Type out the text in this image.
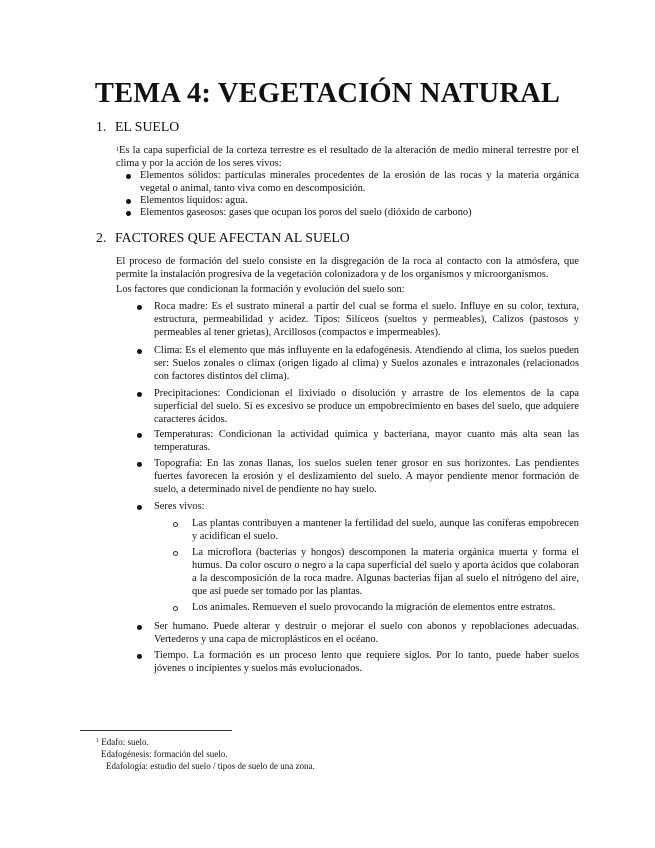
TEMA 4: VEGETACIÓN NATURAL
1. EL SUELO

$^1$Es la capa superficial de la corteza terrestre es el resultado de la alteración de medio mineral terrestre por el clima y por la acción de los seres vivos:

Elementos sólidos: partículas minerales procedentes de la erosión de las rocas y la materia orgánica vegetal o animal, tanto viva como en descomposición.

Elementos líquidos: agua.

Elementos gaseosos: gases que ocupan los poros del suelo (dióxido de carbono)

2. FACTORES QUE AFECTAN AL SUELO

El proceso de formación del suelo consiste en la disgregación de la roca al contacto con la atmósfera, que permite la instalación progresiva de la vegetación colonizadora y de los organismos y microorganismos.

Los factores que condicionan la formación y evolución del suelo son:

Roca madre: Es el sustrato mineral a partir del cual se forma el suelo. Influye en su color, textura, estructura, permeabilidad y acidez. Tipos: Silíceos (sueltos y permeables), Calizos (pastosos y permeables al tener grietas), Arcillosos (compactos e impermeables).

Clima: Es el elemento que más influyente en la edafogénesis. Atendiendo al clima, los suelos pueden ser: Suelos zonales o clímax (origen ligado al clima) y Suelos azonales e intrazonales (relacionados con factores distintos del clima).

Precipitaciones: Condicionan el lixiviado o disolución y arrastre de los elementos de la capa superficial del suelo. Si es excesivo se produce un empobrecimiento en bases del suelo, que adquiere caracteres ácidos.

Temperaturas: Condicionan la actividad química y bacteriana, mayor cuanto más alta sean las temperaturas.

Topografía: En las zonas llanas, los suelos suelen tener grosor en sus horizontes. Las pendientes fuertes favorecen la erosión y el deslizamiento del suelo. A mayor pendiente menor formación de suelo, a determinado nivel de pendiente no hay suelo.

Seres vivos:

Las plantas contribuyen a mantener la fertilidad del suelo, aunque las coníferas empobrecen y acidifican el suelo.

La microflora (bacterias y hongos) descomponen la materia orgánica muerta y forma el humus. Da color oscuro o negro a la capa superficial del suelo y aporta ácidos que colaboran a la descomposición de la roca madre. Algunas bacterias fijan al suelo el nitrógeno del aire, que así puede ser tomado por las plantas.

Los animales. Remueven el suelo provocando la migración de elementos entre estratos.

Ser humano. Puede alterar y destruir o mejorar el suelo con abonos y repoblaciones adecuadas. Vertederos y una capa de microplásticos en el océano.

Tiempo. La formación es un proceso lento que requiere siglos. Por lo tanto, puede haber suelos jóvenes o incipientes y suelos más evolucionados.

$^1$ Edafo: suelo.

Edafogénesis: formación del suelo.

Edafología: estudio del suelo / tipos de suelo de una zona.
